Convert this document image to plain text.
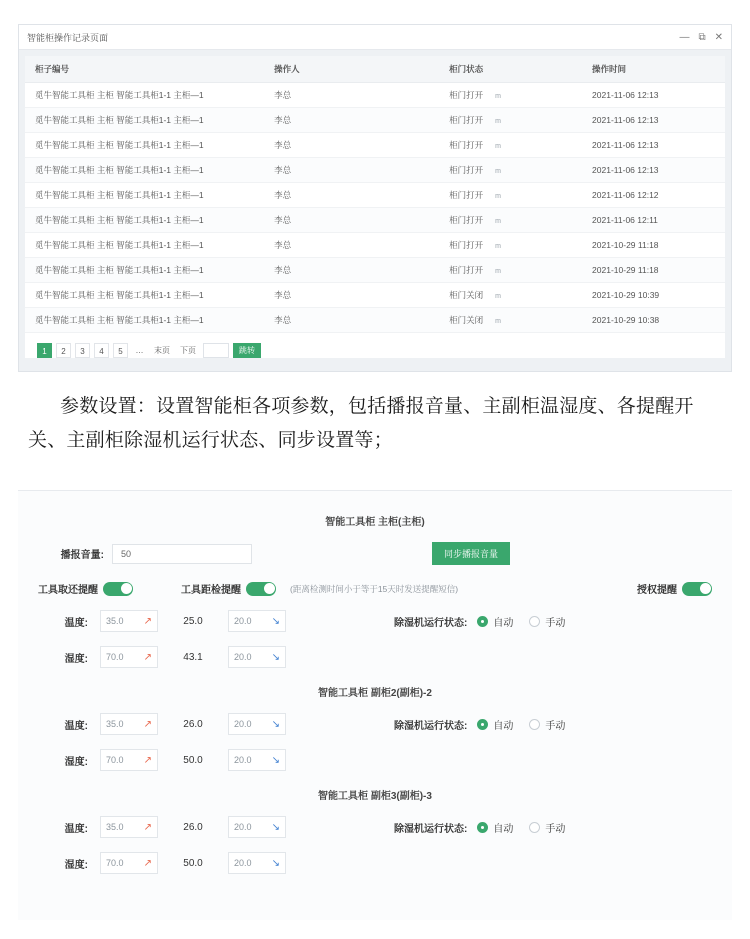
智能柜操作记录页面	— ⧉ ✕
柜子编号	操作人	柜门状态	操作时间
觅牛智能工具柜 主柜 智能工具柜1-1 主柜—1	李总	柜门打开 m	2021-11-06 12:13
觅牛智能工具柜 主柜 智能工具柜1-1 主柜—1	李总	柜门打开 m	2021-11-06 12:13
觅牛智能工具柜 主柜 智能工具柜1-1 主柜—1	李总	柜门打开 m	2021-11-06 12:13
觅牛智能工具柜 主柜 智能工具柜1-1 主柜—1	李总	柜门打开 m	2021-11-06 12:13
觅牛智能工具柜 主柜 智能工具柜1-1 主柜—1	李总	柜门打开 m	2021-11-06 12:12
觅牛智能工具柜 主柜 智能工具柜1-1 主柜—1	李总	柜门打开 m	2021-11-06 12:11
觅牛智能工具柜 主柜 智能工具柜1-1 主柜—1	李总	柜门打开 m	2021-10-29 11:18
觅牛智能工具柜 主柜 智能工具柜1-1 主柜—1	李总	柜门打开 m	2021-10-29 11:18
觅牛智能工具柜 主柜 智能工具柜1-1 主柜—1	李总	柜门关闭 m	2021-10-29 10:39
觅牛智能工具柜 主柜 智能工具柜1-1 主柜—1	李总	柜门关闭 m	2021-10-29 10:38
1	2	3	4	5	…	末页	下页	跳转
参数设置：设置智能柜各项参数，包括播报音量、主副柜温湿度、各提醒开关、主副柜除湿机运行状态、同步设置等；
智能工具柜 主柜(主柜)
播报音量:	50	同步播报音量
工具取还提醒	工具距检提醒	(距离检测时间小于等于15天时发送提醒短信)	授权提醒
温度: 35.0 ↗	25.0	20.0 ↘	除湿机运行状态:	自动	手动
湿度: 70.0 ↗	43.1	20.0 ↘
智能工具柜 副柜2(副柜)-2
温度: 35.0 ↗	26.0	20.0 ↘	除湿机运行状态:	自动	手动
湿度: 70.0 ↗	50.0	20.0 ↘
智能工具柜 副柜3(副柜)-3
温度: 35.0 ↗	26.0	20.0 ↘	除湿机运行状态:	自动	手动
湿度: 70.0 ↗	50.0	20.0 ↘
